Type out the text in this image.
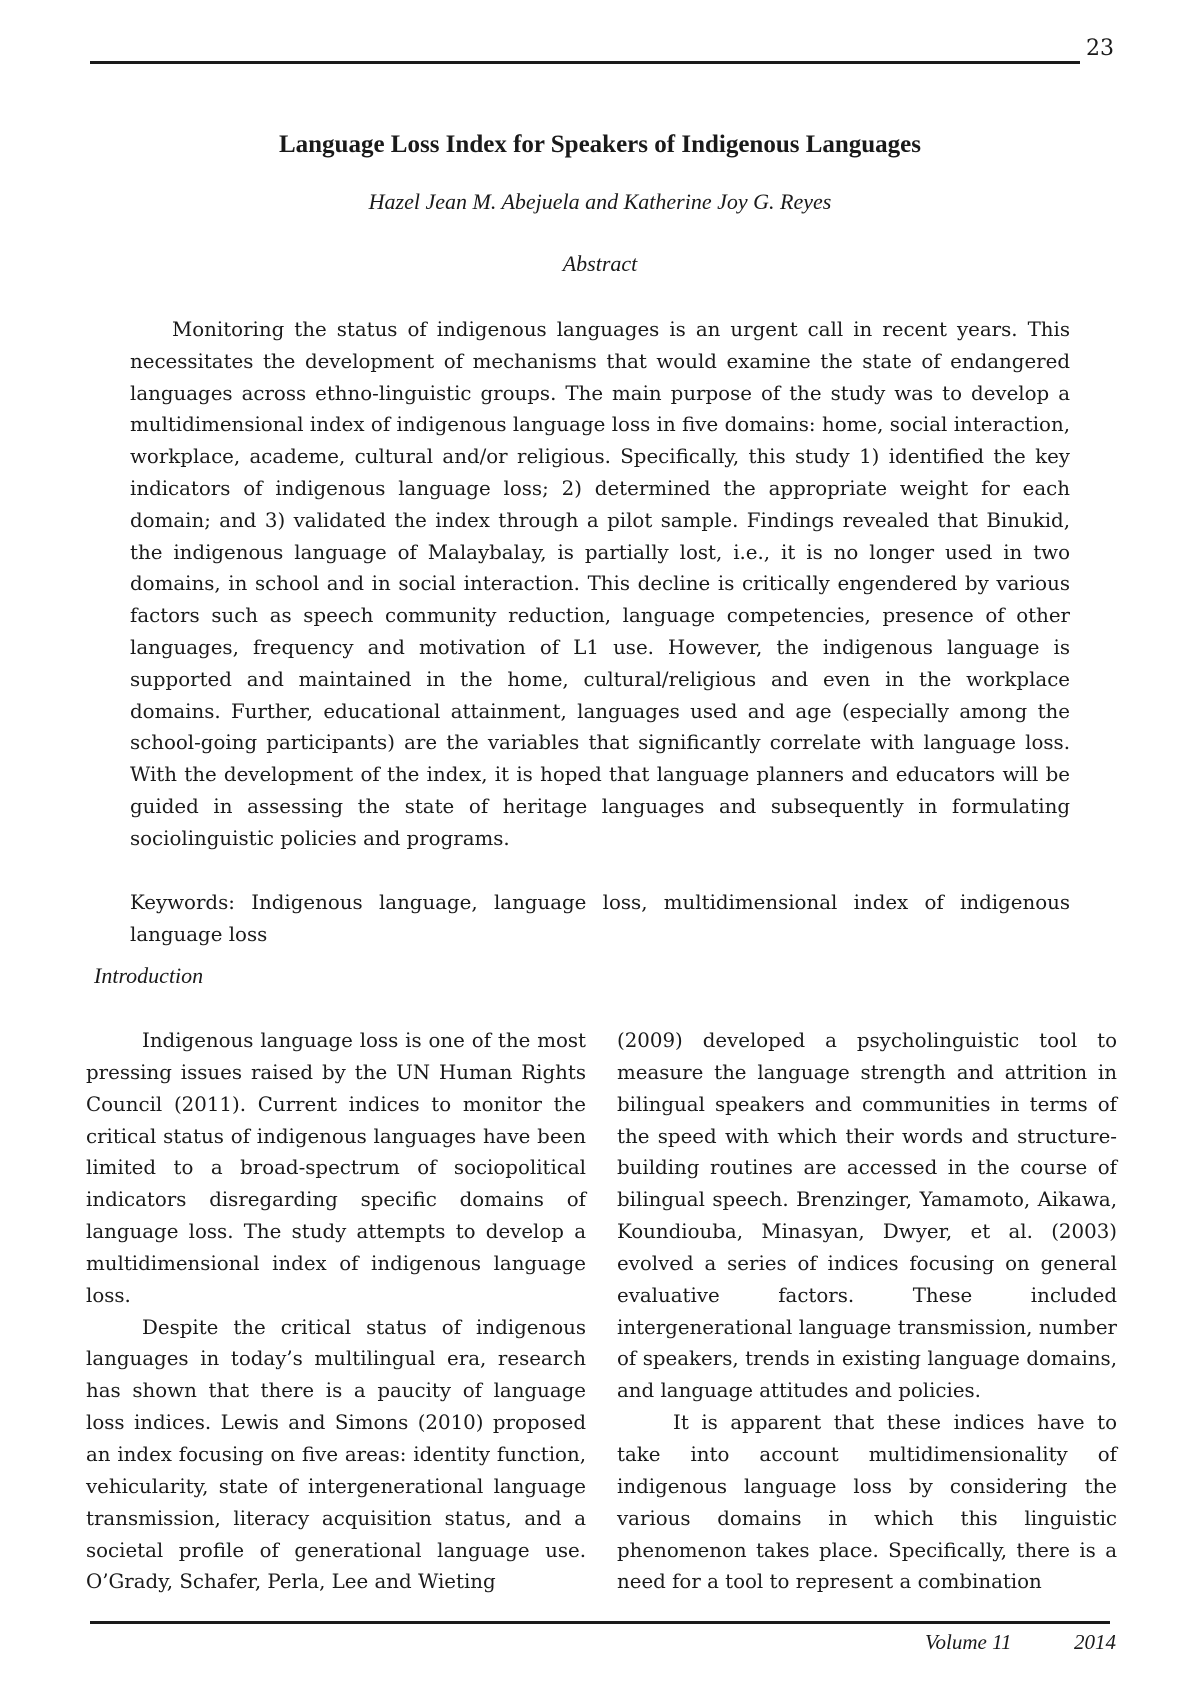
23
Language Loss Index for Speakers of Indigenous Languages
Hazel Jean M. Abejuela and Katherine Joy G. Reyes
Abstract

Monitoring the status of indigenous languages is an urgent call in recent years. This necessitates the development of mechanisms that would examine the state of endangered languages across ethno-linguistic groups. The main purpose of the study was to develop a multidimensional index of indigenous language loss in five domains: home, social interaction, workplace, academe, cultural and/or religious. Specifically, this study 1) identified the key indicators of indigenous language loss; 2) determined the appropriate weight for each domain; and 3) validated the index through a pilot sample. Findings revealed that Binukid, the indigenous language of Malaybalay, is partially lost, i.e., it is no longer used in two domains, in school and in social interaction. This decline is critically engendered by various factors such as speech community reduction, language competencies, presence of other languages, frequency and motivation of L1 use. However, the indigenous language is supported and maintained in the home, cultural/religious and even in the workplace domains. Further, educational attainment, languages used and age (especially among the school-going participants) are the variables that significantly correlate with language loss. With the development of the index, it is hoped that language planners and educators will be guided in assessing the state of heritage languages and subsequently in formulating sociolinguistic policies and programs.

Keywords: Indigenous language, language loss, multidimensional index of indigenous language loss

Introduction

Indigenous language loss is one of the most pressing issues raised by the UN Human Rights Council (2011). Current indices to monitor the critical status of indigenous languages have been limited to a broad-spectrum of sociopolitical indicators disregarding specific domains of language loss. The study attempts to develop a multidimensional index of indigenous language loss.

Despite the critical status of indigenous languages in today’s multilingual era, research has shown that there is a paucity of language loss indices. Lewis and Simons (2010) proposed an index focusing on five areas: identity function, vehicularity, state of intergenerational language transmission, literacy acquisition status, and a societal profile of generational language use. O’Grady, Schafer, Perla, Lee and Wieting

(2009) developed a psycholinguistic tool to measure the language strength and attrition in bilingual speakers and communities in terms of the speed with which their words and structure-building routines are accessed in the course of bilingual speech. Brenzinger, Yamamoto, Aikawa, Koundiouba, Minasyan, Dwyer, et al. (2003) evolved a series of indices focusing on general evaluative factors. These included intergenerational language transmission, number of speakers, trends in existing language domains, and language attitudes and policies.

It is apparent that these indices have to take into account multidimensionality of indigenous language loss by considering the various domains in which this linguistic phenomenon takes place. Specifically, there is a need for a tool to represent a combination

Volume 11	2014
